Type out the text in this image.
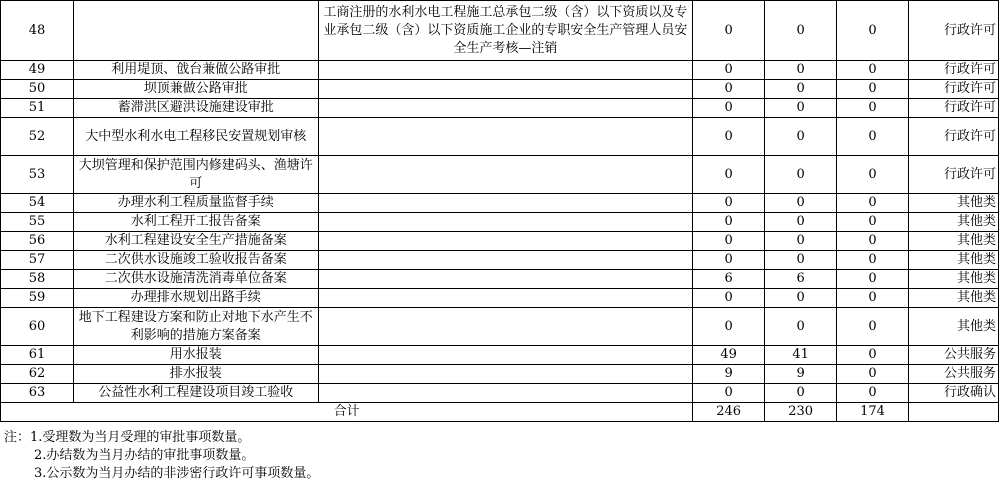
48		工商注册的水利水电工程施工总承包二级（含）以下资质以及专业承包二级（含）以下资质施工企业的专职安全生产管理人员安全生产考核—注销	0	0	0	行政许可
49	利用堤顶、戗台兼做公路审批		0	0	0	行政许可
50	坝顶兼做公路审批		0	0	0	行政许可
51	蓄滞洪区避洪设施建设审批		0	0	0	行政许可
52	大中型水利水电工程移民安置规划审核		0	0	0	行政许可
53	大坝管理和保护范围内修建码头、渔塘许可		0	0	0	行政许可
54	办理水利工程质量监督手续		0	0	0	其他类
55	水利工程开工报告备案		0	0	0	其他类
56	水利工程建设安全生产措施备案		0	0	0	其他类
57	二次供水设施竣工验收报告备案		0	0	0	其他类
58	二次供水设施清洗消毒单位备案		6	6	0	其他类
59	办理排水规划出路手续		0	0	0	其他类
60	地下工程建设方案和防止对地下水产生不利影响的措施方案备案		0	0	0	其他类
61	用水报装		49	41	0	公共服务
62	排水报装		9	9	0	公共服务
63	公益性水利工程建设项目竣工验收		0	0	0	行政确认
合计			246	230	174	
注：1.受理数为当月受理的审批事项数量。
2.办结数为当月办结的审批事项数量。
3.公示数为当月办结的非涉密行政许可事项数量。
